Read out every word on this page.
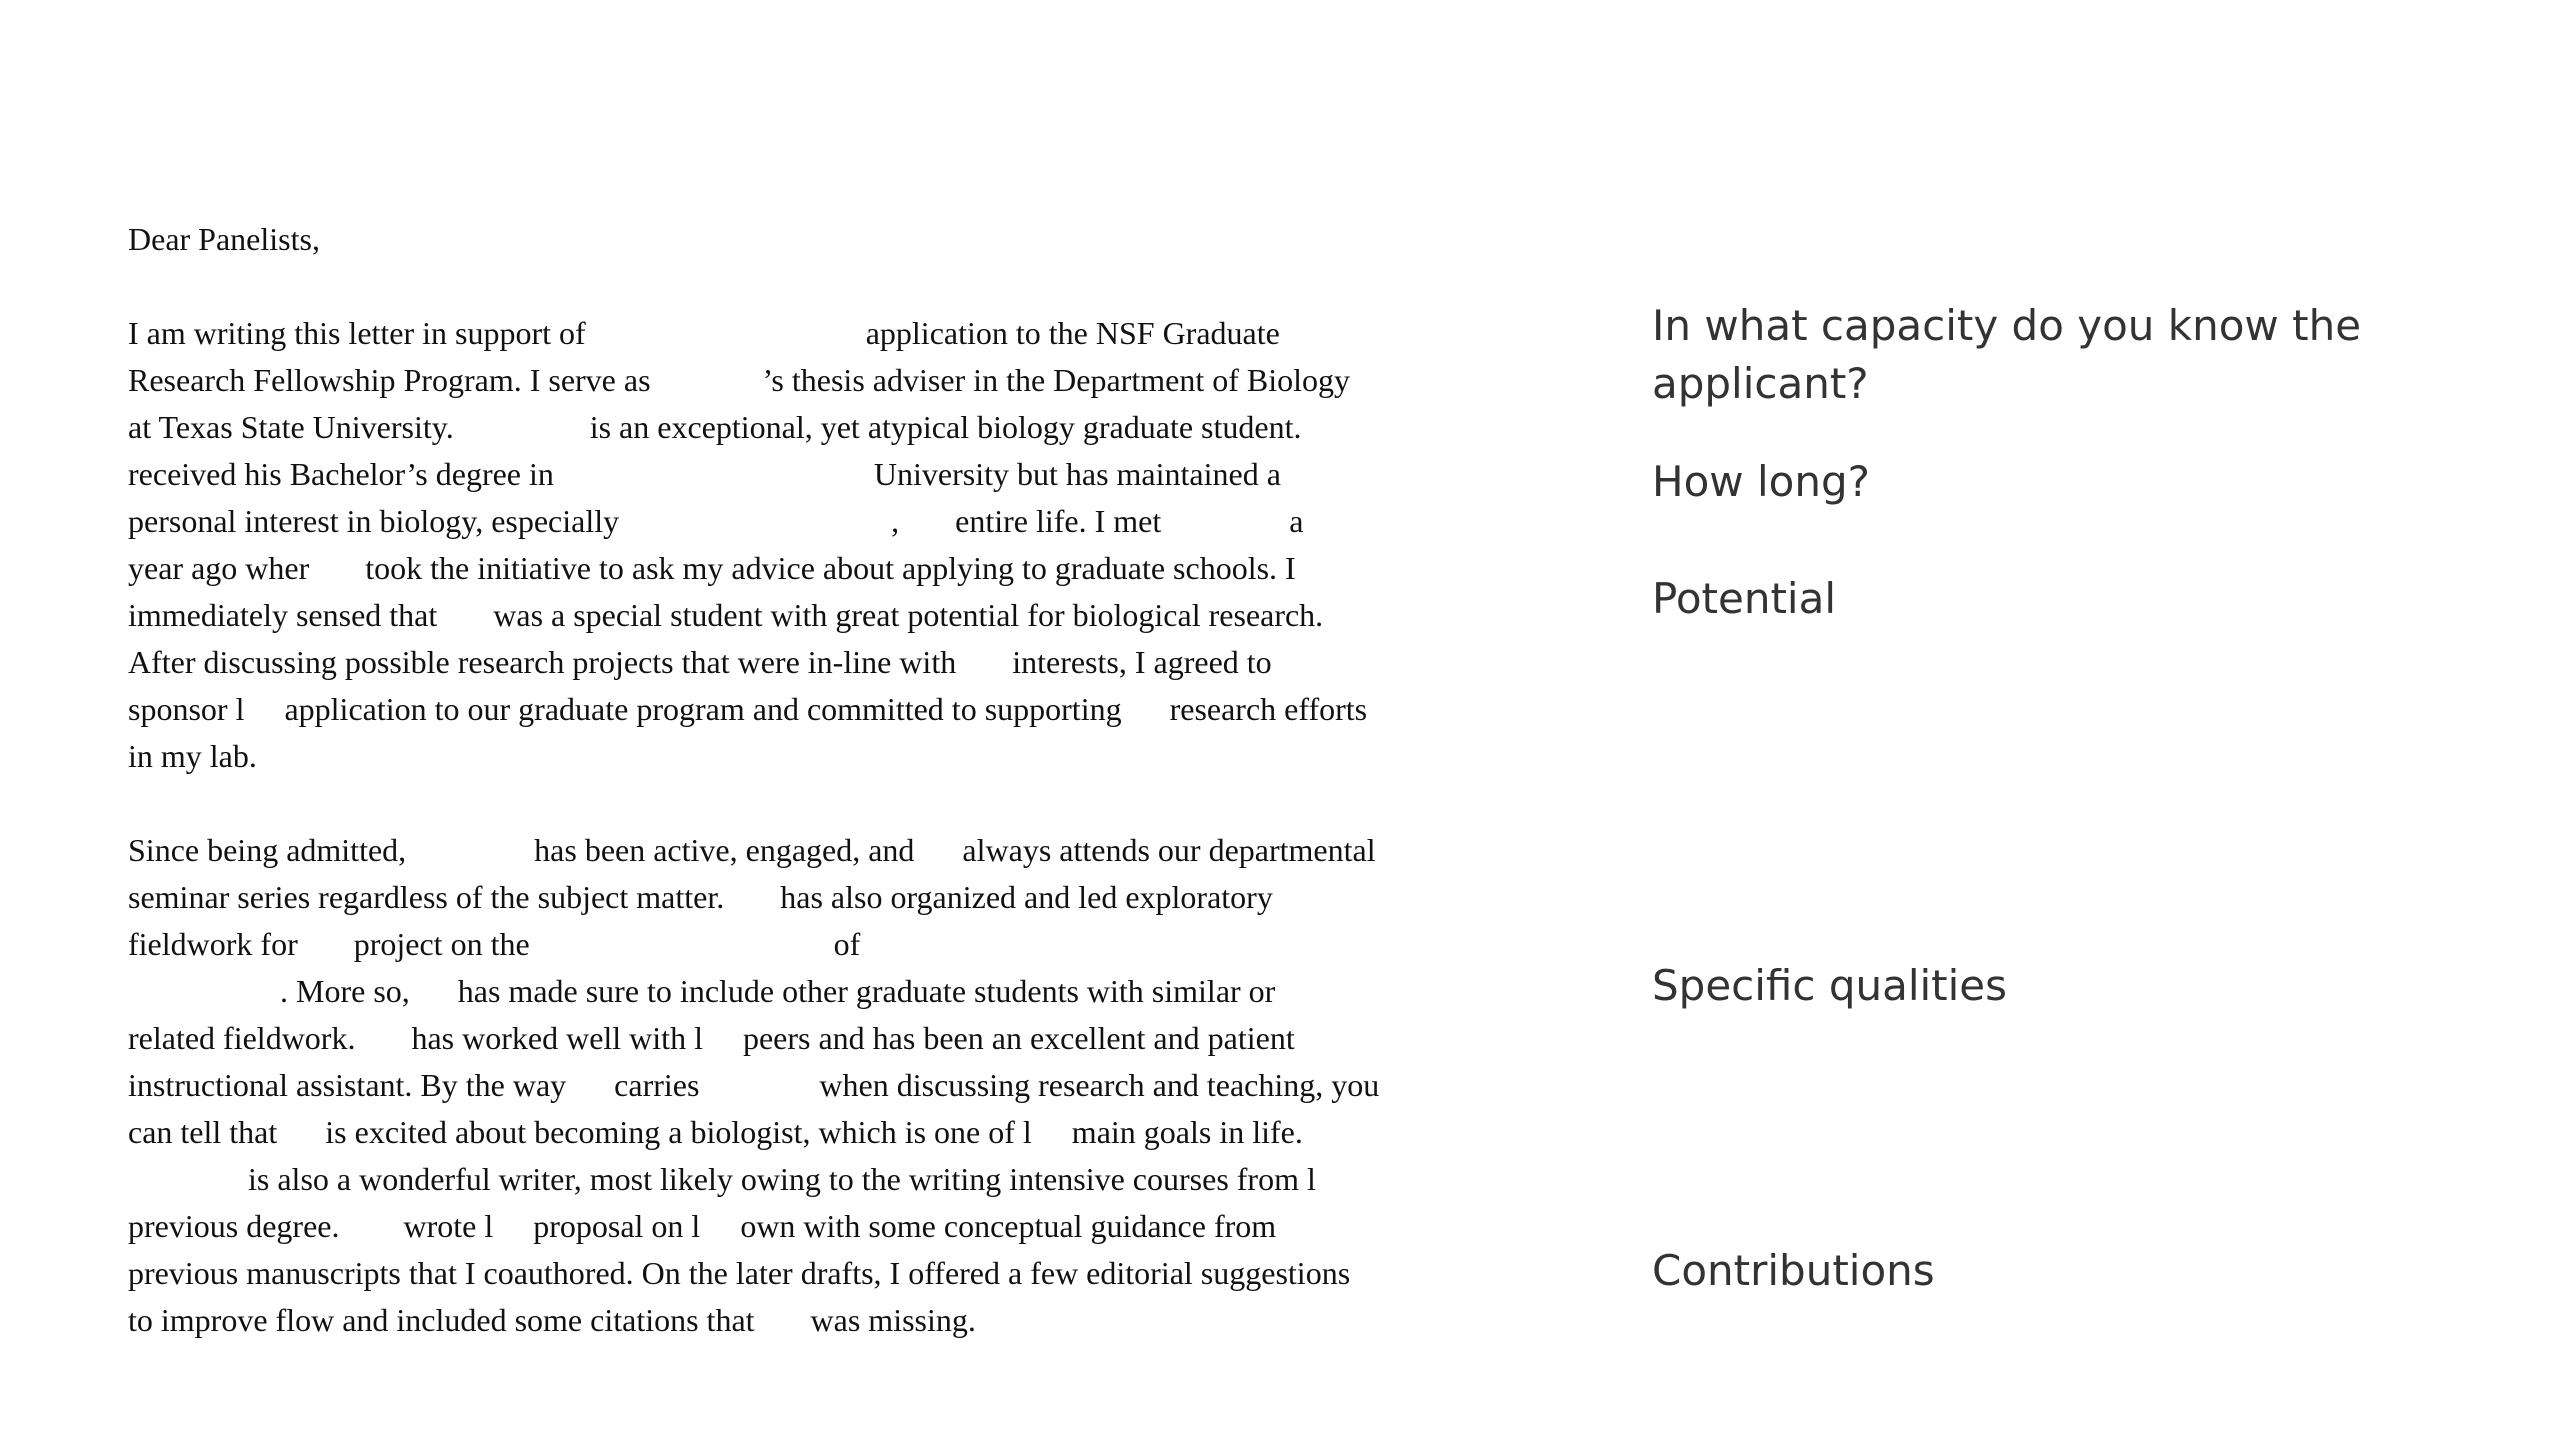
Dear Panelists,
I am writing this letter in support of                                   application to the NSF Graduate
Research Fellowship Program. I serve as              ’s thesis adviser in the Department of Biology
at Texas State University.                 is an exceptional, yet atypical biology graduate student.
received his Bachelor’s degree in                                        University but has maintained a
personal interest in biology, especially                                  ,       entire life. I met                a
year ago wher       took the initiative to ask my advice about applying to graduate schools. I
immediately sensed that       was a special student with great potential for biological research.
After discussing possible research projects that were in-line with       interests, I agreed to
sponsor l     application to our graduate program and committed to supporting      research efforts
in my lab.
Since being admitted,                has been active, engaged, and      always attends our departmental
seminar series regardless of the subject matter.       has also organized and led exploratory
fieldwork for       project on the                                      of
. More so,      has made sure to include other graduate students with similar or
related fieldwork.       has worked well with l     peers and has been an excellent and patient
instructional assistant. By the way      carries               when discussing research and teaching, you
can tell that      is excited about becoming a biologist, which is one of l     main goals in life.
is also a wonderful writer, most likely owing to the writing intensive courses from l
previous degree.        wrote l     proposal on l     own with some conceptual guidance from
previous manuscripts that I coauthored. On the later drafts, I offered a few editorial suggestions
to improve flow and included some citations that       was missing.
In what capacity do you know the applicant?
How long?
Potential
Specific qualities
Contributions
